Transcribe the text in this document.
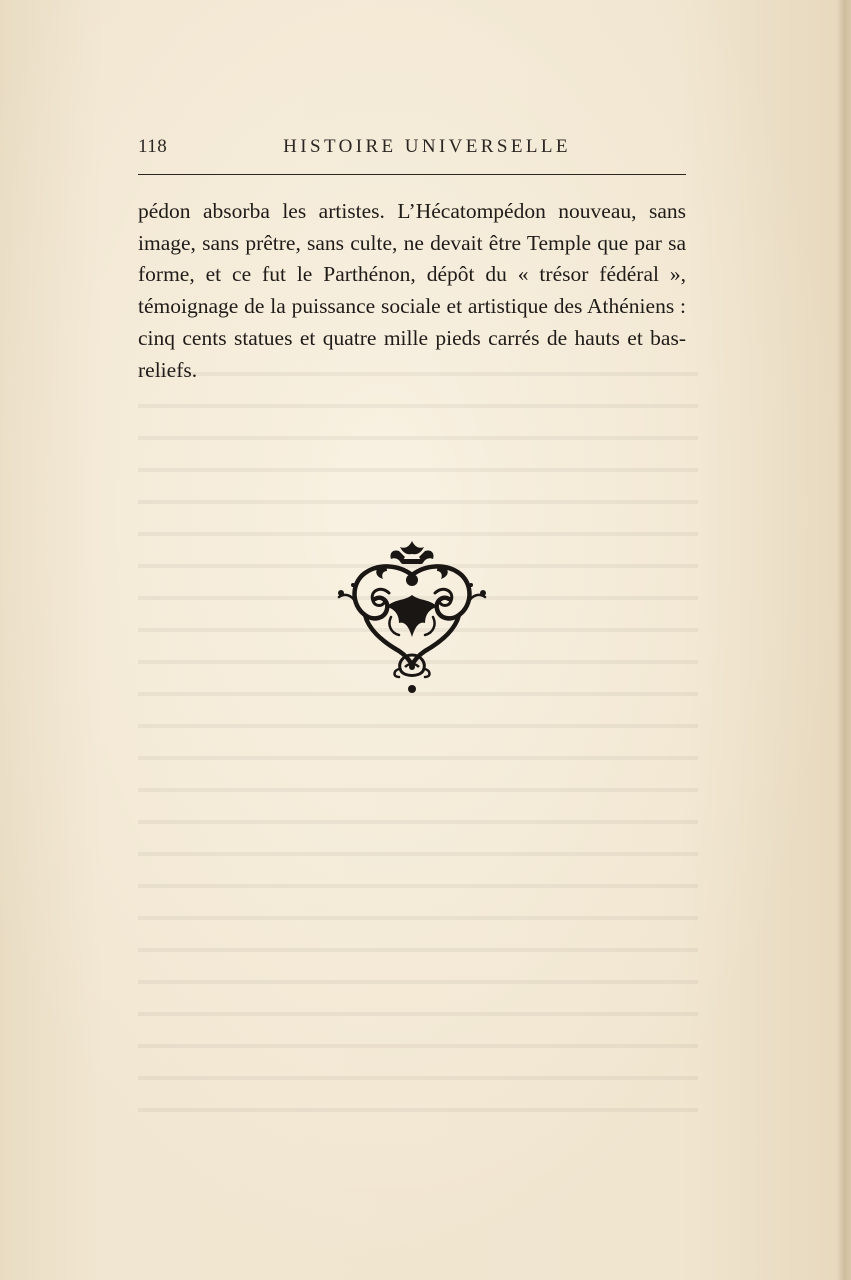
118	HISTOIRE UNIVERSELLE

pédon absorba les artistes. L’Hécatompédon nouveau, sans image, sans prêtre, sans culte, ne devait être Temple que par sa forme, et ce fut le Parthénon, dépôt du « trésor fédéral », témoignage de la puissance sociale et artistique des Athéniens : cinq cents statues et quatre mille pieds carrés de hauts et bas-reliefs.
